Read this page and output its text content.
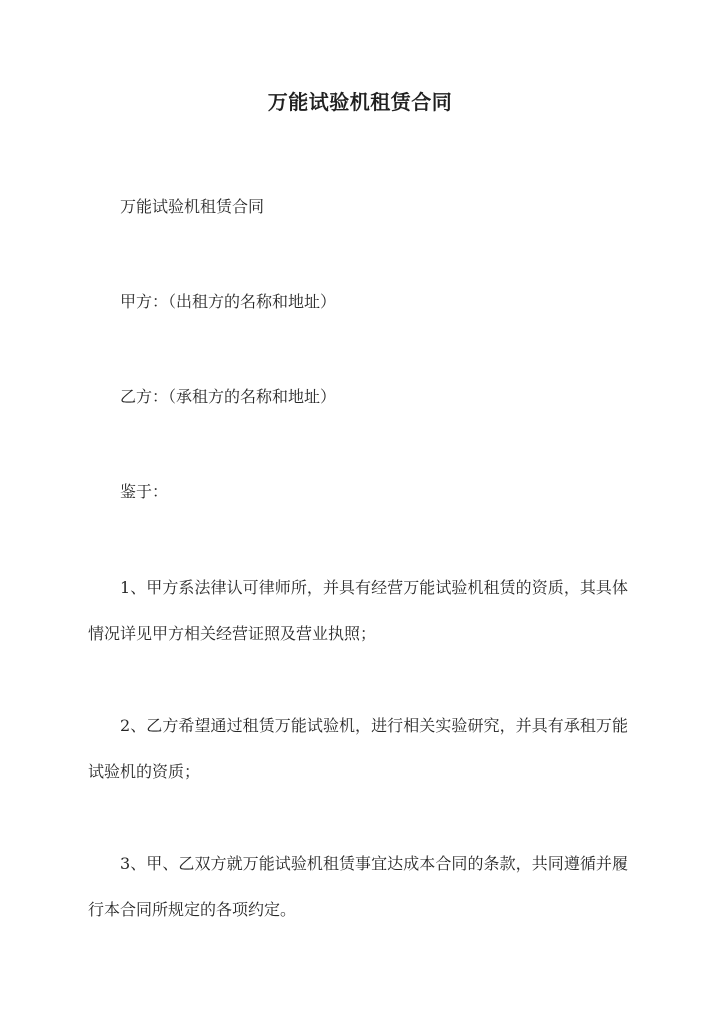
万能试验机租赁合同
万能试验机租赁合同
甲方：（出租方的名称和地址）
乙方：（承租方的名称和地址）
鉴于：
1、甲方系法律认可律师所，并具有经营万能试验机租赁的资质，其具体情况详见甲方相关经营证照及营业执照；
2、乙方希望通过租赁万能试验机，进行相关实验研究，并具有承租万能试验机的资质；
3、甲、乙双方就万能试验机租赁事宜达成本合同的条款，共同遵循并履行本合同所规定的各项约定。
